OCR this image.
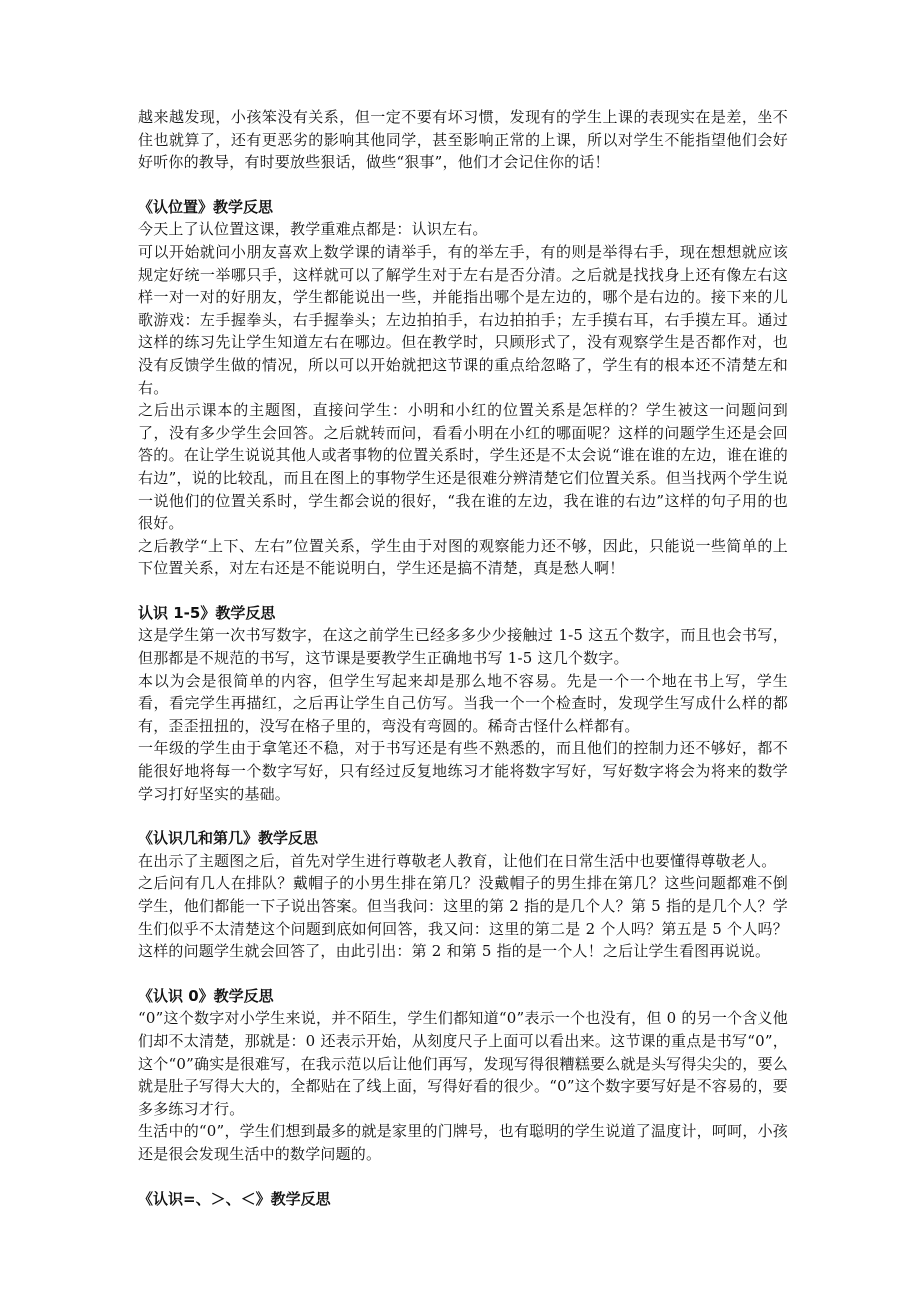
越来越发现，小孩笨没有关系，但一定不要有坏习惯，发现有的学生上课的表现实在是差，坐不住也就算了，还有更恶劣的影响其他同学，甚至影响正常的上课，所以对学生不能指望他们会好好听你的教导，有时要放些狠话，做些“狠事”，他们才会记住你的话！

《认位置》教学反思

今天上了认位置这课，教学重难点都是：认识左右。

可以开始就问小朋友喜欢上数学课的请举手，有的举左手，有的则是举得右手，现在想想就应该规定好统一举哪只手，这样就可以了解学生对于左右是否分清。之后就是找找身上还有像左右这样一对一对的好朋友，学生都能说出一些，并能指出哪个是左边的，哪个是右边的。接下来的儿歌游戏：左手握拳头，右手握拳头；左边拍拍手，右边拍拍手；左手摸右耳，右手摸左耳。通过这样的练习先让学生知道左右在哪边。但在教学时，只顾形式了，没有观察学生是否都作对，也没有反馈学生做的情况，所以可以开始就把这节课的重点给忽略了，学生有的根本还不清楚左和右。

之后出示课本的主题图，直接问学生：小明和小红的位置关系是怎样的？学生被这一问题问到了，没有多少学生会回答。之后就转而问，看看小明在小红的哪面呢？这样的问题学生还是会回答的。在让学生说说其他人或者事物的位置关系时，学生还是不太会说“谁在谁的左边，谁在谁的右边”，说的比较乱，而且在图上的事物学生还是很难分辨清楚它们位置关系。但当找两个学生说一说他们的位置关系时，学生都会说的很好，“我在谁的左边，我在谁的右边”这样的句子用的也很好。

之后教学“上下、左右”位置关系，学生由于对图的观察能力还不够，因此，只能说一些简单的上下位置关系，对左右还是不能说明白，学生还是搞不清楚，真是愁人啊！

认识 1-5》教学反思

这是学生第一次书写数字，在这之前学生已经多多少少接触过 1-5 这五个数字，而且也会书写，但那都是不规范的书写，这节课是要教学生正确地书写 1-5 这几个数字。

本以为会是很简单的内容，但学生写起来却是那么地不容易。先是一个一个地在书上写，学生看，看完学生再描红，之后再让学生自己仿写。当我一个一个检查时，发现学生写成什么样的都有，歪歪扭扭的，没写在格子里的，弯没有弯圆的。稀奇古怪什么样都有。

一年级的学生由于拿笔还不稳，对于书写还是有些不熟悉的，而且他们的控制力还不够好，都不能很好地将每一个数字写好，只有经过反复地练习才能将数字写好，写好数字将会为将来的数学学习打好坚实的基础。

《认识几和第几》教学反思

在出示了主题图之后，首先对学生进行尊敬老人教育，让他们在日常生活中也要懂得尊敬老人。

之后问有几人在排队？戴帽子的小男生排在第几？没戴帽子的男生排在第几？这些问题都难不倒学生，他们都能一下子说出答案。但当我问：这里的第 2 指的是几个人？第 5 指的是几个人？学生们似乎不太清楚这个问题到底如何回答，我又问：这里的第二是 2 个人吗？第五是 5 个人吗？这样的问题学生就会回答了，由此引出：第 2 和第 5 指的是一个人！之后让学生看图再说说。

《认识 0》教学反思

“0”这个数字对小学生来说，并不陌生，学生们都知道“0”表示一个也没有，但 0 的另一个含义他们却不太清楚，那就是：0 还表示开始，从刻度尺子上面可以看出来。这节课的重点是书写“0”，这个“0”确实是很难写，在我示范以后让他们再写，发现写得很糟糕要么就是头写得尖尖的，要么就是肚子写得大大的，全都贴在了线上面，写得好看的很少。“0”这个数字要写好是不容易的，要多多练习才行。

生活中的“0”，学生们想到最多的就是家里的门牌号，也有聪明的学生说道了温度计，呵呵，小孩还是很会发现生活中的数学问题的。

《认识=、＞、＜》教学反思
